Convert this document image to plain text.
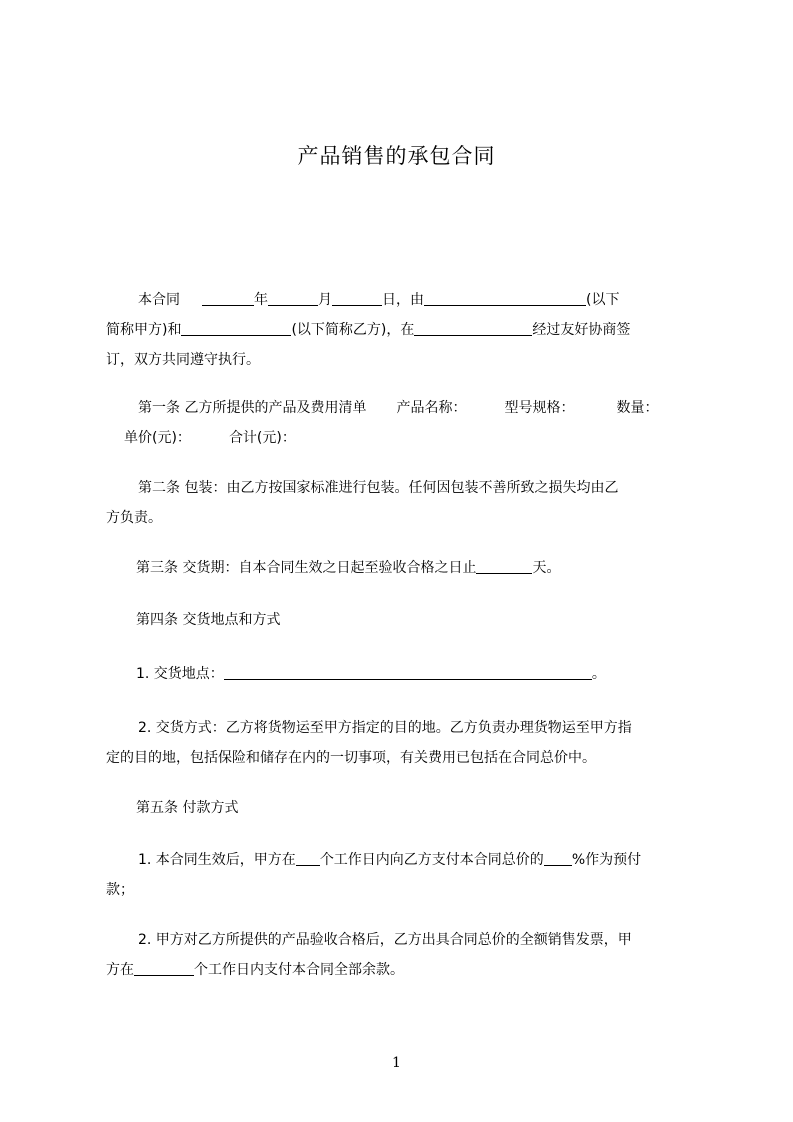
产品销售的承包合同
本合同	年	月	日，由	(以下
简称甲方)和	(以下简称乙方)，在	经过友好协商签
订，双方共同遵守执行。
第一条 乙方所提供的产品及费用清单 产品名称：	型号规格：	数量：
单价(元)：	合计(元)：
第二条 包装：由乙方按国家标准进行包装。任何因包装不善所致之损失均由乙
方负责。
第三条 交货期：自本合同生效之日起至验收合格之日止	天。
第四条 交货地点和方式
1. 交货地点：	。
2. 交货方式：乙方将货物运至甲方指定的目的地。乙方负责办理货物运至甲方指
定的目的地，包括保险和储存在内的一切事项，有关费用已包括在合同总价中。
第五条 付款方式
1. 本合同生效后，甲方在 个工作日内向乙方支付本合同总价的 %作为预付
款；
2. 甲方对乙方所提供的产品验收合格后，乙方出具合同总价的全额销售发票，甲
方在	个工作日内支付本合同全部余款。
1
